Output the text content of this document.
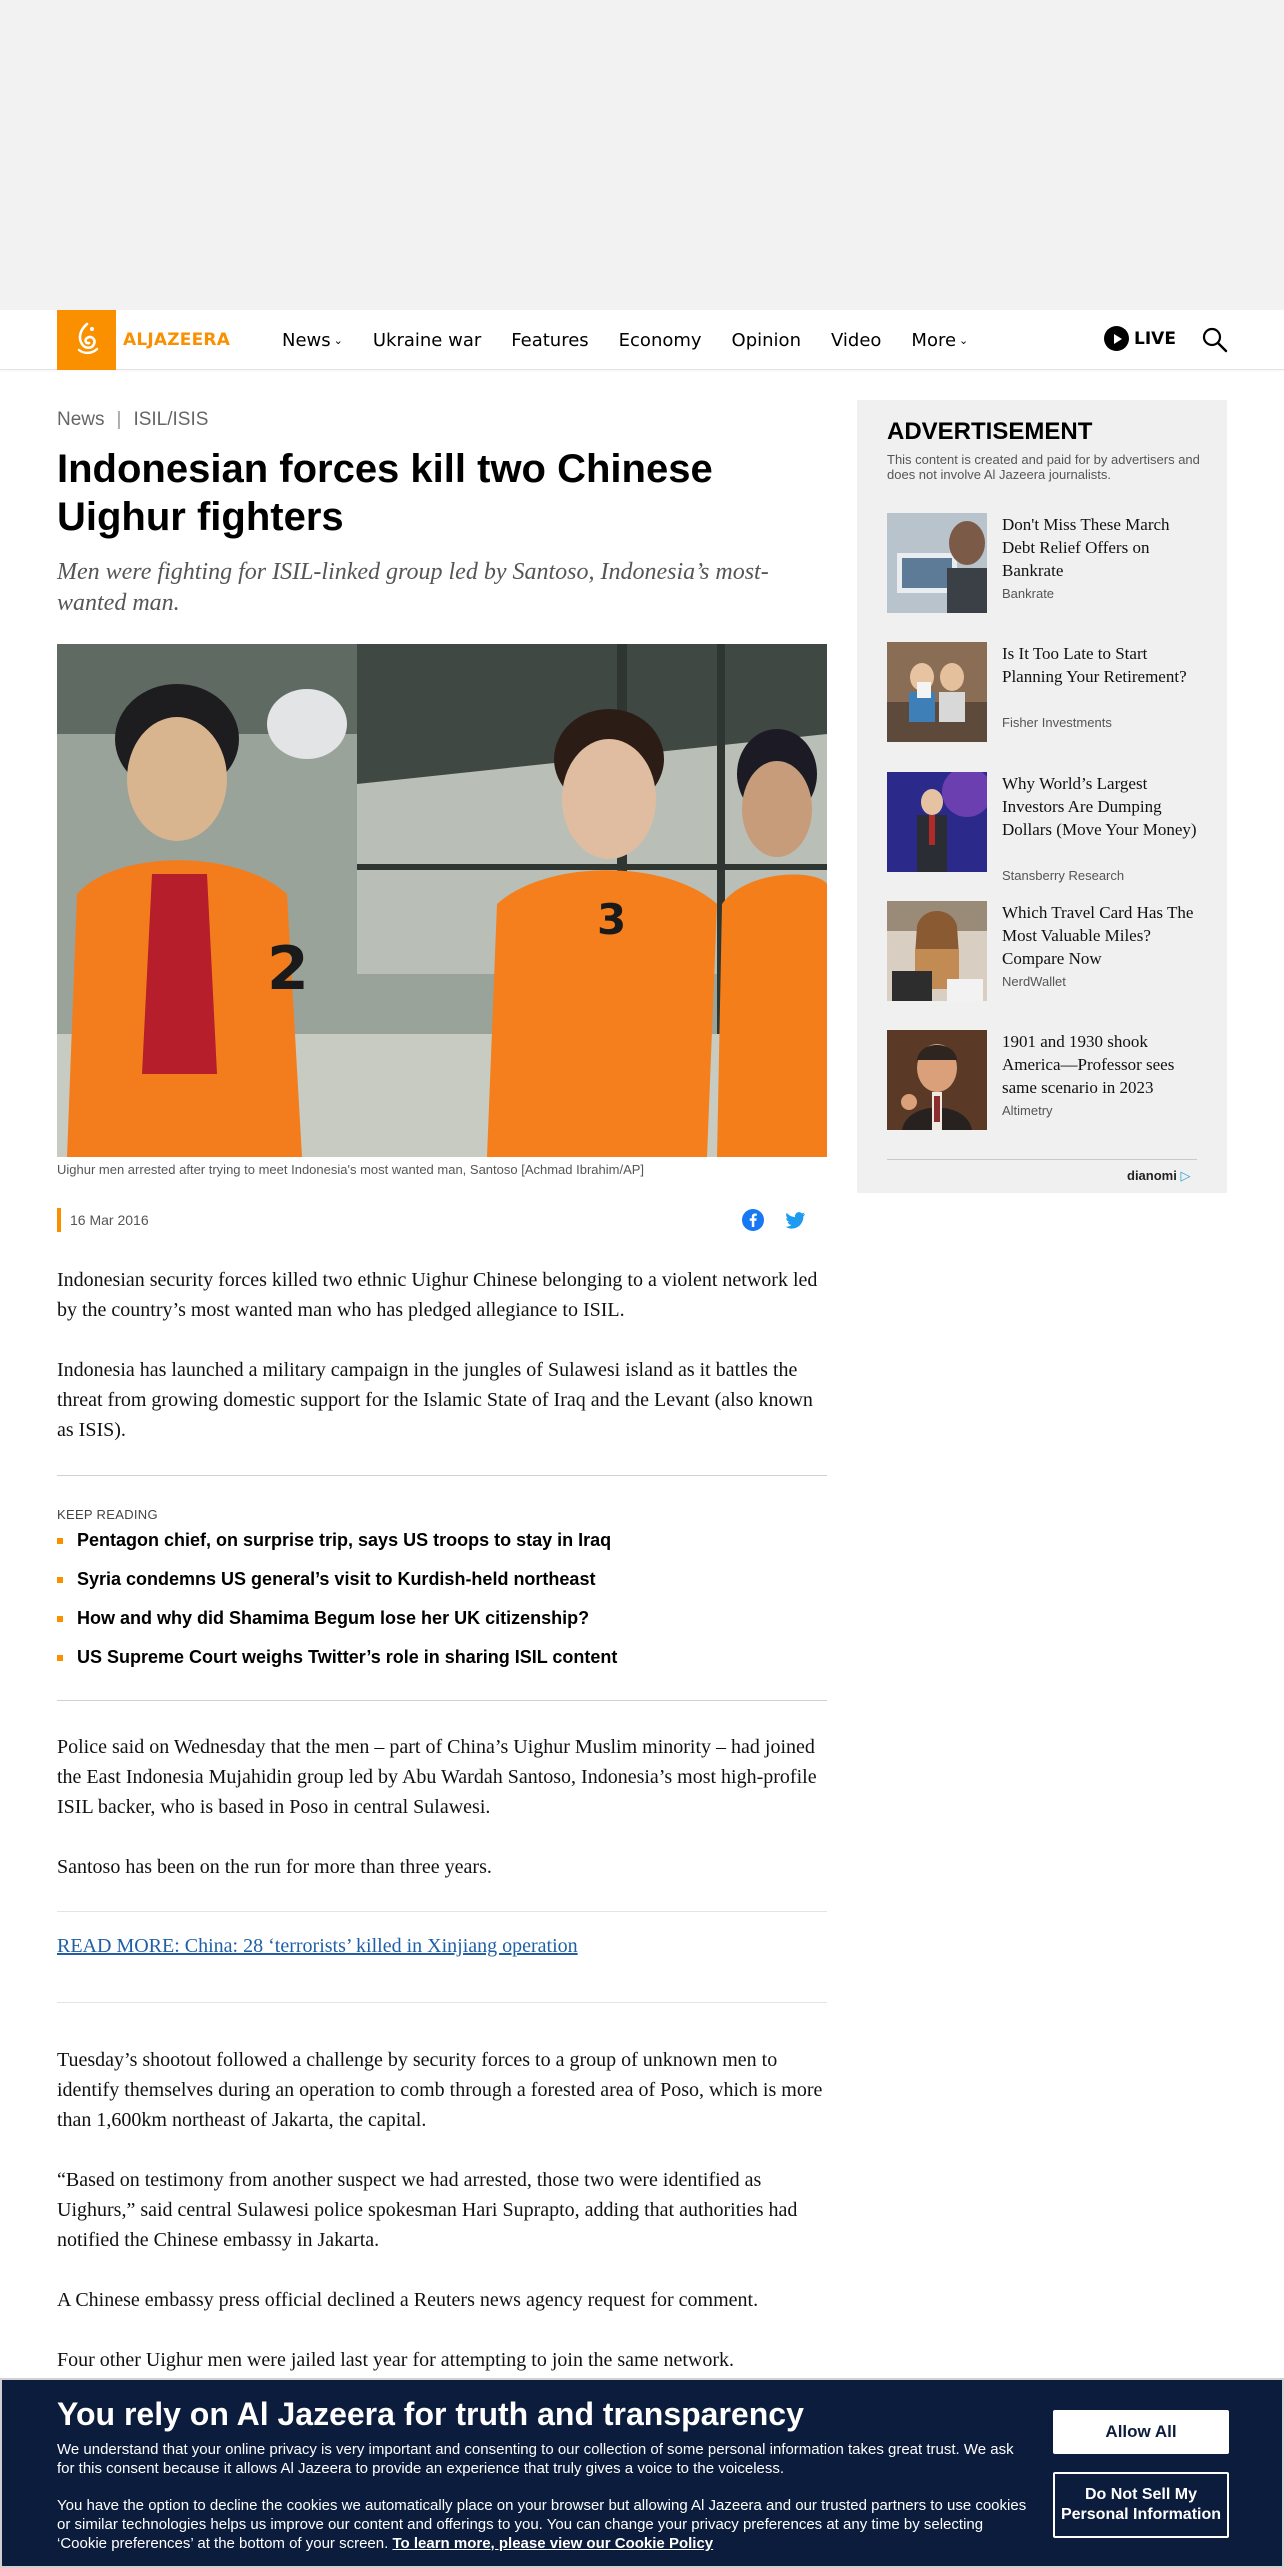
ALJAZEERA	News ⌄ Ukraine war Features Economy Opinion Video More ⌄	LIVE
News | ISIL/ISIS
Indonesian forces kill two Chinese Uighur fighters

Men were fighting for ISIL-linked group led by Santoso, Indonesia’s most-wanted man.

2
3
Uighur men arrested after trying to meet Indonesia's most wanted man, Santoso [Achmad Ibrahim/AP]
16 Mar 2016

Indonesian security forces killed two ethnic Uighur Chinese belonging to a violent network led by the country’s most wanted man who has pledged allegiance to ISIL.

Indonesia has launched a military campaign in the jungles of Sulawesi island as it battles the threat from growing domestic support for the Islamic State of Iraq and the Levant (also known as ISIS).

KEEP READING
Pentagon chief, on surprise trip, says US troops to stay in Iraq
Syria condemns US general’s visit to Kurdish-held northeast
How and why did Shamima Begum lose her UK citizenship?
US Supreme Court weighs Twitter’s role in sharing ISIL content

Police said on Wednesday that the men – part of China’s Uighur Muslim minority – had joined the East Indonesia Mujahidin group led by Abu Wardah Santoso, Indonesia’s most high-profile ISIL backer, who is based in Poso in central Sulawesi.

Santoso has been on the run for more than three years.

READ MORE: China: 28 ‘terrorists’ killed in Xinjiang operation

Tuesday’s shootout followed a challenge by security forces to a group of unknown men to identify themselves during an operation to comb through a forested area of Poso, which is more than 1,600km northeast of Jakarta, the capital.

“Based on testimony from another suspect we had arrested, those two were identified as Uighurs,” said central Sulawesi police spokesman Hari Suprapto, adding that authorities had notified the Chinese embassy in Jakarta.

A Chinese embassy press official declined a Reuters news agency request for comment.

Four other Uighur men were jailed last year for attempting to join the same network.

ADVERTISEMENT
This content is created and paid for by advertisers and does not involve Al Jazeera journalists.
Don't Miss These March Debt Relief Offers on Bankrate
Bankrate
Is It Too Late to Start Planning Your Retirement?
Fisher Investments
Why World’s Largest Investors Are Dumping Dollars (Move Your Money)
Stansberry Research
Which Travel Card Has The Most Valuable Miles? Compare Now
NerdWallet
1901 and 1930 shook America—Professor sees same scenario in 2023
Altimetry
dianomi ▷
You rely on Al Jazeera for truth and transparency

We understand that your online privacy is very important and consenting to our collection of some personal information takes great trust. We ask for this consent because it allows Al Jazeera to provide an experience that truly gives a voice to the voiceless.

You have the option to decline the cookies we automatically place on your browser but allowing Al Jazeera and our trusted partners to use cookies or similar technologies helps us improve our content and offerings to you. You can change your privacy preferences at any time by selecting ‘Cookie preferences’ at the bottom of your screen. To learn more, please view our Cookie Policy

Allow All
Do Not Sell My Personal Information
